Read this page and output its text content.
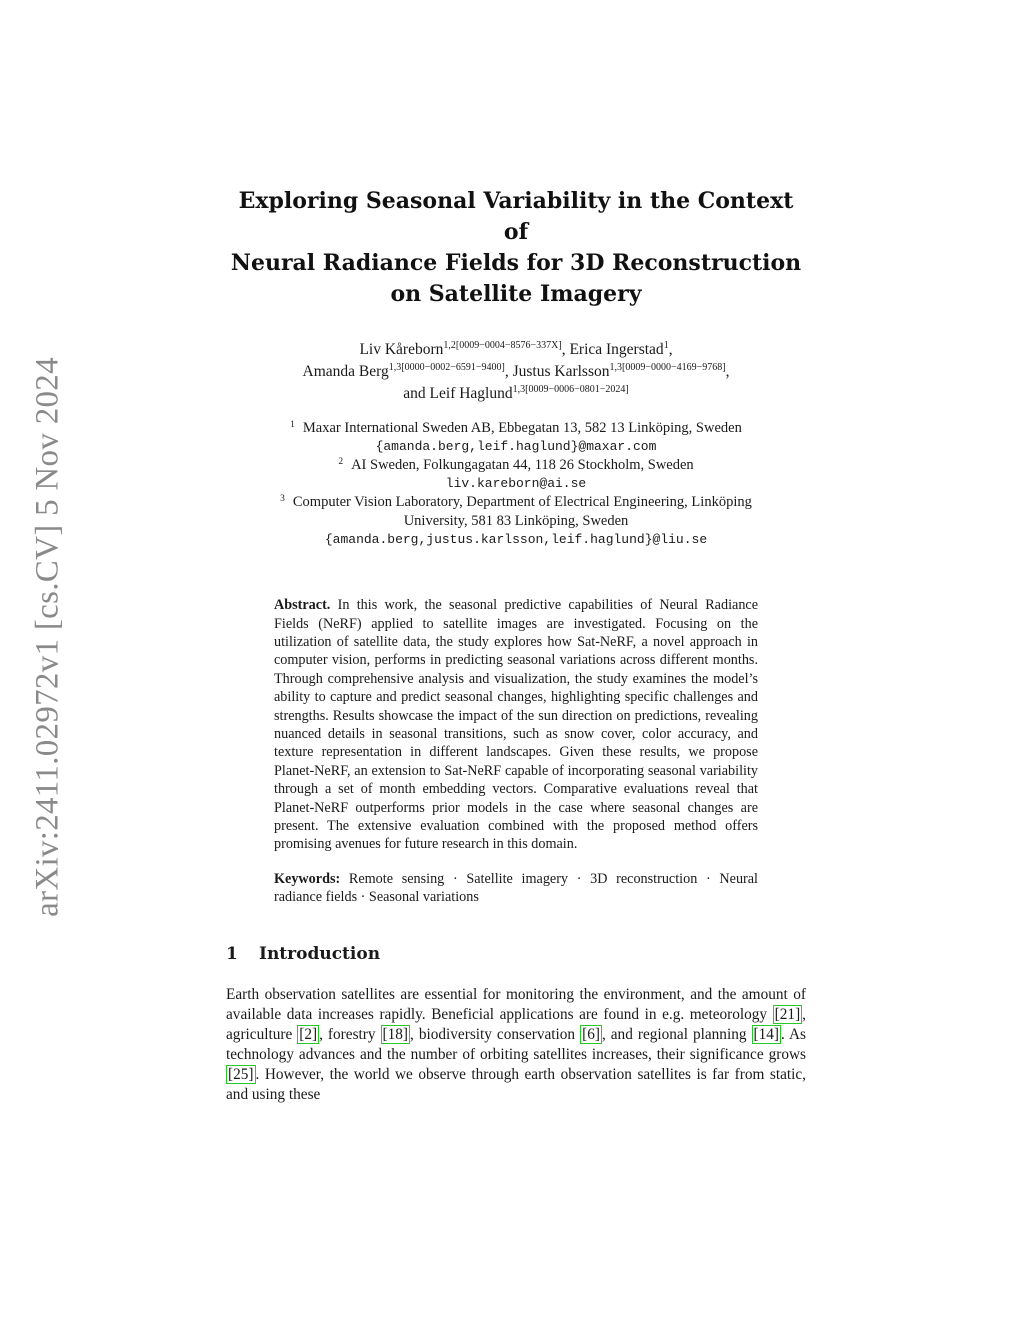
arXiv:2411.02972v1 [cs.CV] 5 Nov 2024
Exploring Seasonal Variability in the Context of
Neural Radiance Fields for 3D Reconstruction
on Satellite Imagery
Liv Kåreborn$^{1,2[0009-0004-8576-337X]}$, Erica Ingerstad$^1$,
Amanda Berg$^{1,3[0000-0002-6591-9400]}$, Justus Karlsson$^{1,3[0009-0000-4169-9768]}$,
and Leif Haglund$^{1,3[0009-0006-0801-2024]}$
$^1$ Maxar International Sweden AB, Ebbegatan 13, 582 13 Linköping, Sweden
{amanda.berg,leif.haglund}@maxar.com
$^2$ AI Sweden, Folkungagatan 44, 118 26 Stockholm, Sweden
liv.kareborn@ai.se
$^3$ Computer Vision Laboratory, Department of Electrical Engineering, Linköping
University, 581 83 Linköping, Sweden
{amanda.berg,justus.karlsson,leif.haglund}@liu.se
Abstract. In this work, the seasonal predictive capabilities of Neural Radiance Fields (NeRF) applied to satellite images are investigated. Focusing on the utilization of satellite data, the study explores how Sat-NeRF, a novel approach in computer vision, performs in predicting seasonal variations across different months. Through comprehensive analysis and visualization, the study examines the model’s ability to capture and predict seasonal changes, highlighting specific challenges and strengths. Results showcase the impact of the sun direction on predictions, revealing nuanced details in seasonal transitions, such as snow cover, color accuracy, and texture representation in different landscapes. Given these results, we propose Planet-NeRF, an extension to Sat-NeRF capable of incorporating seasonal variability through a set of month embedding vectors. Comparative evaluations reveal that Planet-NeRF outperforms prior models in the case where seasonal changes are present. The extensive evaluation combined with the proposed method offers promising avenues for future research in this domain.
Keywords: Remote sensing · Satellite imagery · 3D reconstruction · Neural radiance fields · Seasonal variations
1 Introduction
Earth observation satellites are essential for monitoring the environment, and the amount of available data increases rapidly. Beneficial applications are found in e.g. meteorology [21] , agriculture [2] , forestry [18] , biodiversity conservation [6] , and regional planning [14] . As technology advances and the number of orbiting satellites increases, their significance grows [25] . However, the world we observe through earth observation satellites is far from static, and using these
